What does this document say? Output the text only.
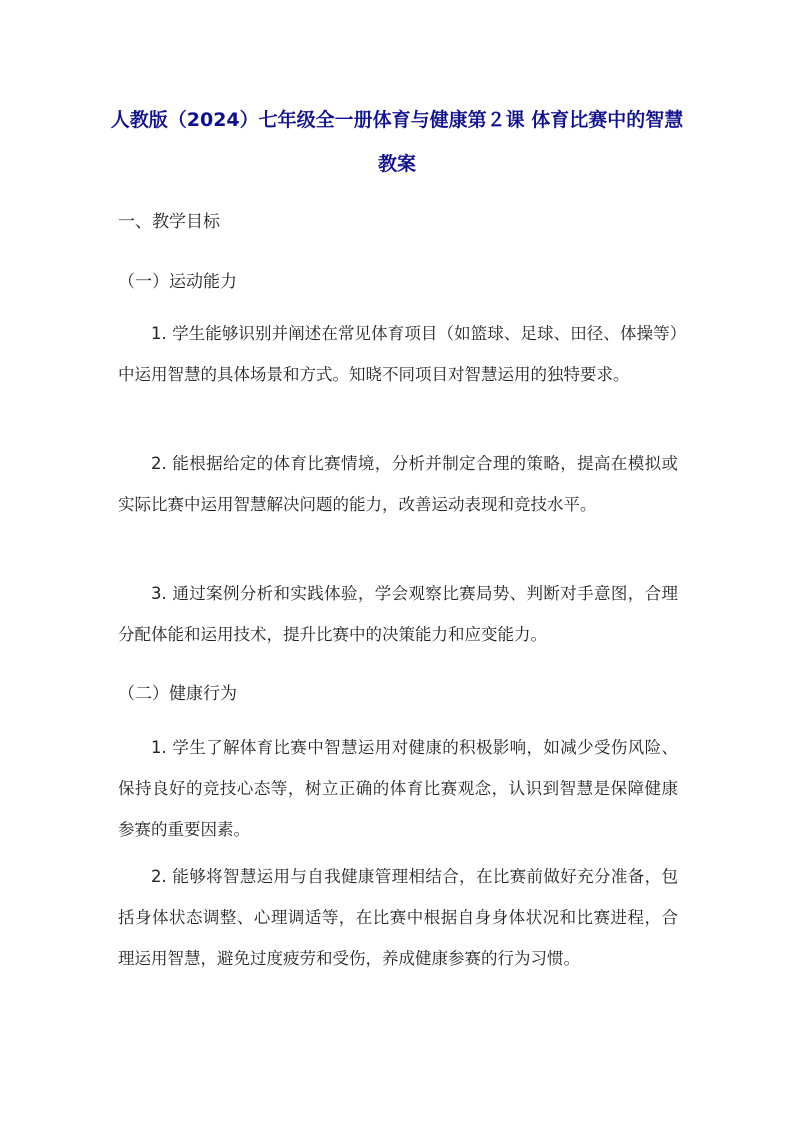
人教版（2024）七年级全一册体育与健康第２课 体育比赛中的智慧 教案

一、教学目标

（一）运动能力

1. 学生能够识别并阐述在常见体育项目（如篮球、足球、田径、体操等）中运用智慧的具体场景和方式。知晓不同项目对智慧运用的独特要求。

2. 能根据给定的体育比赛情境，分析并制定合理的策略，提高在模拟或实际比赛中运用智慧解决问题的能力，改善运动表现和竞技水平。

3. 通过案例分析和实践体验，学会观察比赛局势、判断对手意图，合理分配体能和运用技术，提升比赛中的决策能力和应变能力。

（二）健康行为

1. 学生了解体育比赛中智慧运用对健康的积极影响，如减少受伤风险、保持良好的竞技心态等，树立正确的体育比赛观念，认识到智慧是保障健康参赛的重要因素。

2. 能够将智慧运用与自我健康管理相结合，在比赛前做好充分准备，包括身体状态调整、心理调适等，在比赛中根据自身身体状况和比赛进程，合理运用智慧，避免过度疲劳和受伤，养成健康参赛的行为习惯。
